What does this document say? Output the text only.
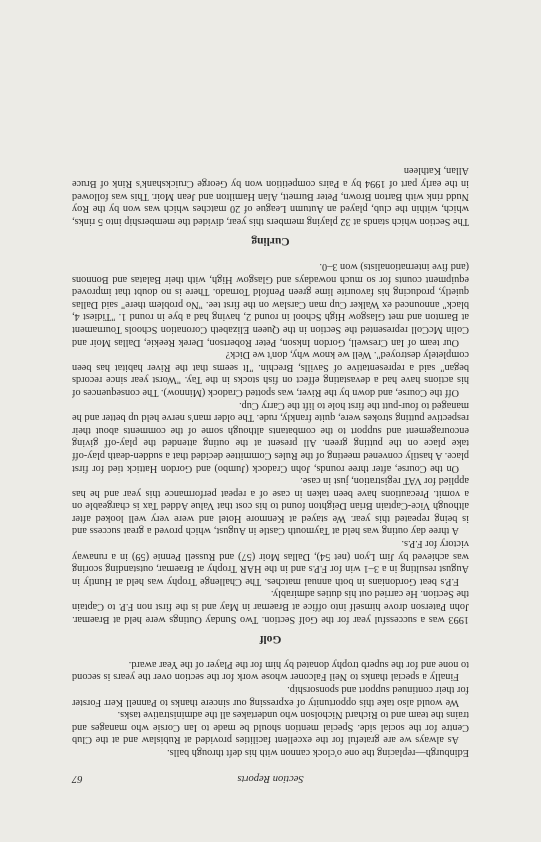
Section Reports
67

Edinburgh—replacing the one o'clock cannon with his deft through balls.

As always we are grateful for the excellent facilities provided at Rubislaw and at the Club Centre for the social side. Special mention should be made to Ian Corsie who manages and trains the team and to Richard Nicholson who undertakes all the administrative tasks.

We would also take this opportunity of expressing our sincere thanks to Pannell Kerr Forster for their continued support and sponsorship.

Finally a special thanks to Neil Falconer whose work for the section over the years is second to none and for the superb trophy donated by him for the Player of the Year award.

Golf

1993 was a successful year for the Golf Section. Two Sunday Outings were held at Braemar. John Paterson drove himself into office at Braemar in May and is the first non F.P. to Captain the Section. He carried out his duties admirably.

F.P.s beat Gordonians in both annual matches. The Challenge Trophy was held at Huntly in August resulting in a 3–1 win for F.P.s and in the HAR Trophy at Braemar, outstanding scoring was achieved by Jim Lyon (net 54), Dallas Moir (57) and Russell Pennie (59) in a runaway victory for F.P.s.

A three day outing was held at Taymouth Castle in August, which proved a great success and is being repeated this year. We stayed at Kenmore Hotel and were very well looked after although Vice-Captain Brian Deighton found to his cost that Value Added Tax is chargeable on a vomit. Precautions have been taken in case of a repeat performance this year and he has applied for VAT registration, just in case.

On the Course, after three rounds, John Cradock (Jumbo) and Gordon Hattick tied for first place. A hastily convened meeting of the Rules Committee decided that a sudden-death play-off take place on the putting green. All present at the outing attended the play-off giving encouragement and support to the combatants although some of the comments about their respective putting strokes were, quite frankly, rude. The older man's nerve held up better and he managed to four-putt the first hole to lift the Carry Cup.

Off the Course, and down by the River, was spotted Cradock (Minnow). The consequences of his actions have had a devastating effect on fish stocks in the Tay. "Worst year since records began" said a representative of Savills, Brechin. "It seems that the River habitat has been completely destroyed". Well we know why, don't we Dick?

Our team of Ian Creswell, Gordon Inkson, Peter Robertson, Derek Reekie, Dallas Moir and Colin McColl represented the Section in the Queen Elizabeth Coronation Schools Tournament at Barnton and met Glasgow High School in round 2, having had a bye in round 1. "Tidiest 4, black" announced ex Walker Cup man Carslaw on the first tee. "No problem there" said Dallas quietly, producing his favourite lime green Penfold Tornado. There is no doubt that improved equipment counts for so much nowadays and Glasgow High, with their Balatas and Bonnons (and five internationalists) won 3–0.

Curling

The Section which stands at 32 playing members this year, divided the membership into 5 rinks, which, within the club, played an Autumn League of 20 matches which was won by the Roy Nudd rink with Barton Brown, Peter Burnett, Alan Hamilton and Jean Moir. This was followed in the early part of 1994 by a Pairs competition won by George Cruickshank's Rink of Bruce Allan, Kathleen
